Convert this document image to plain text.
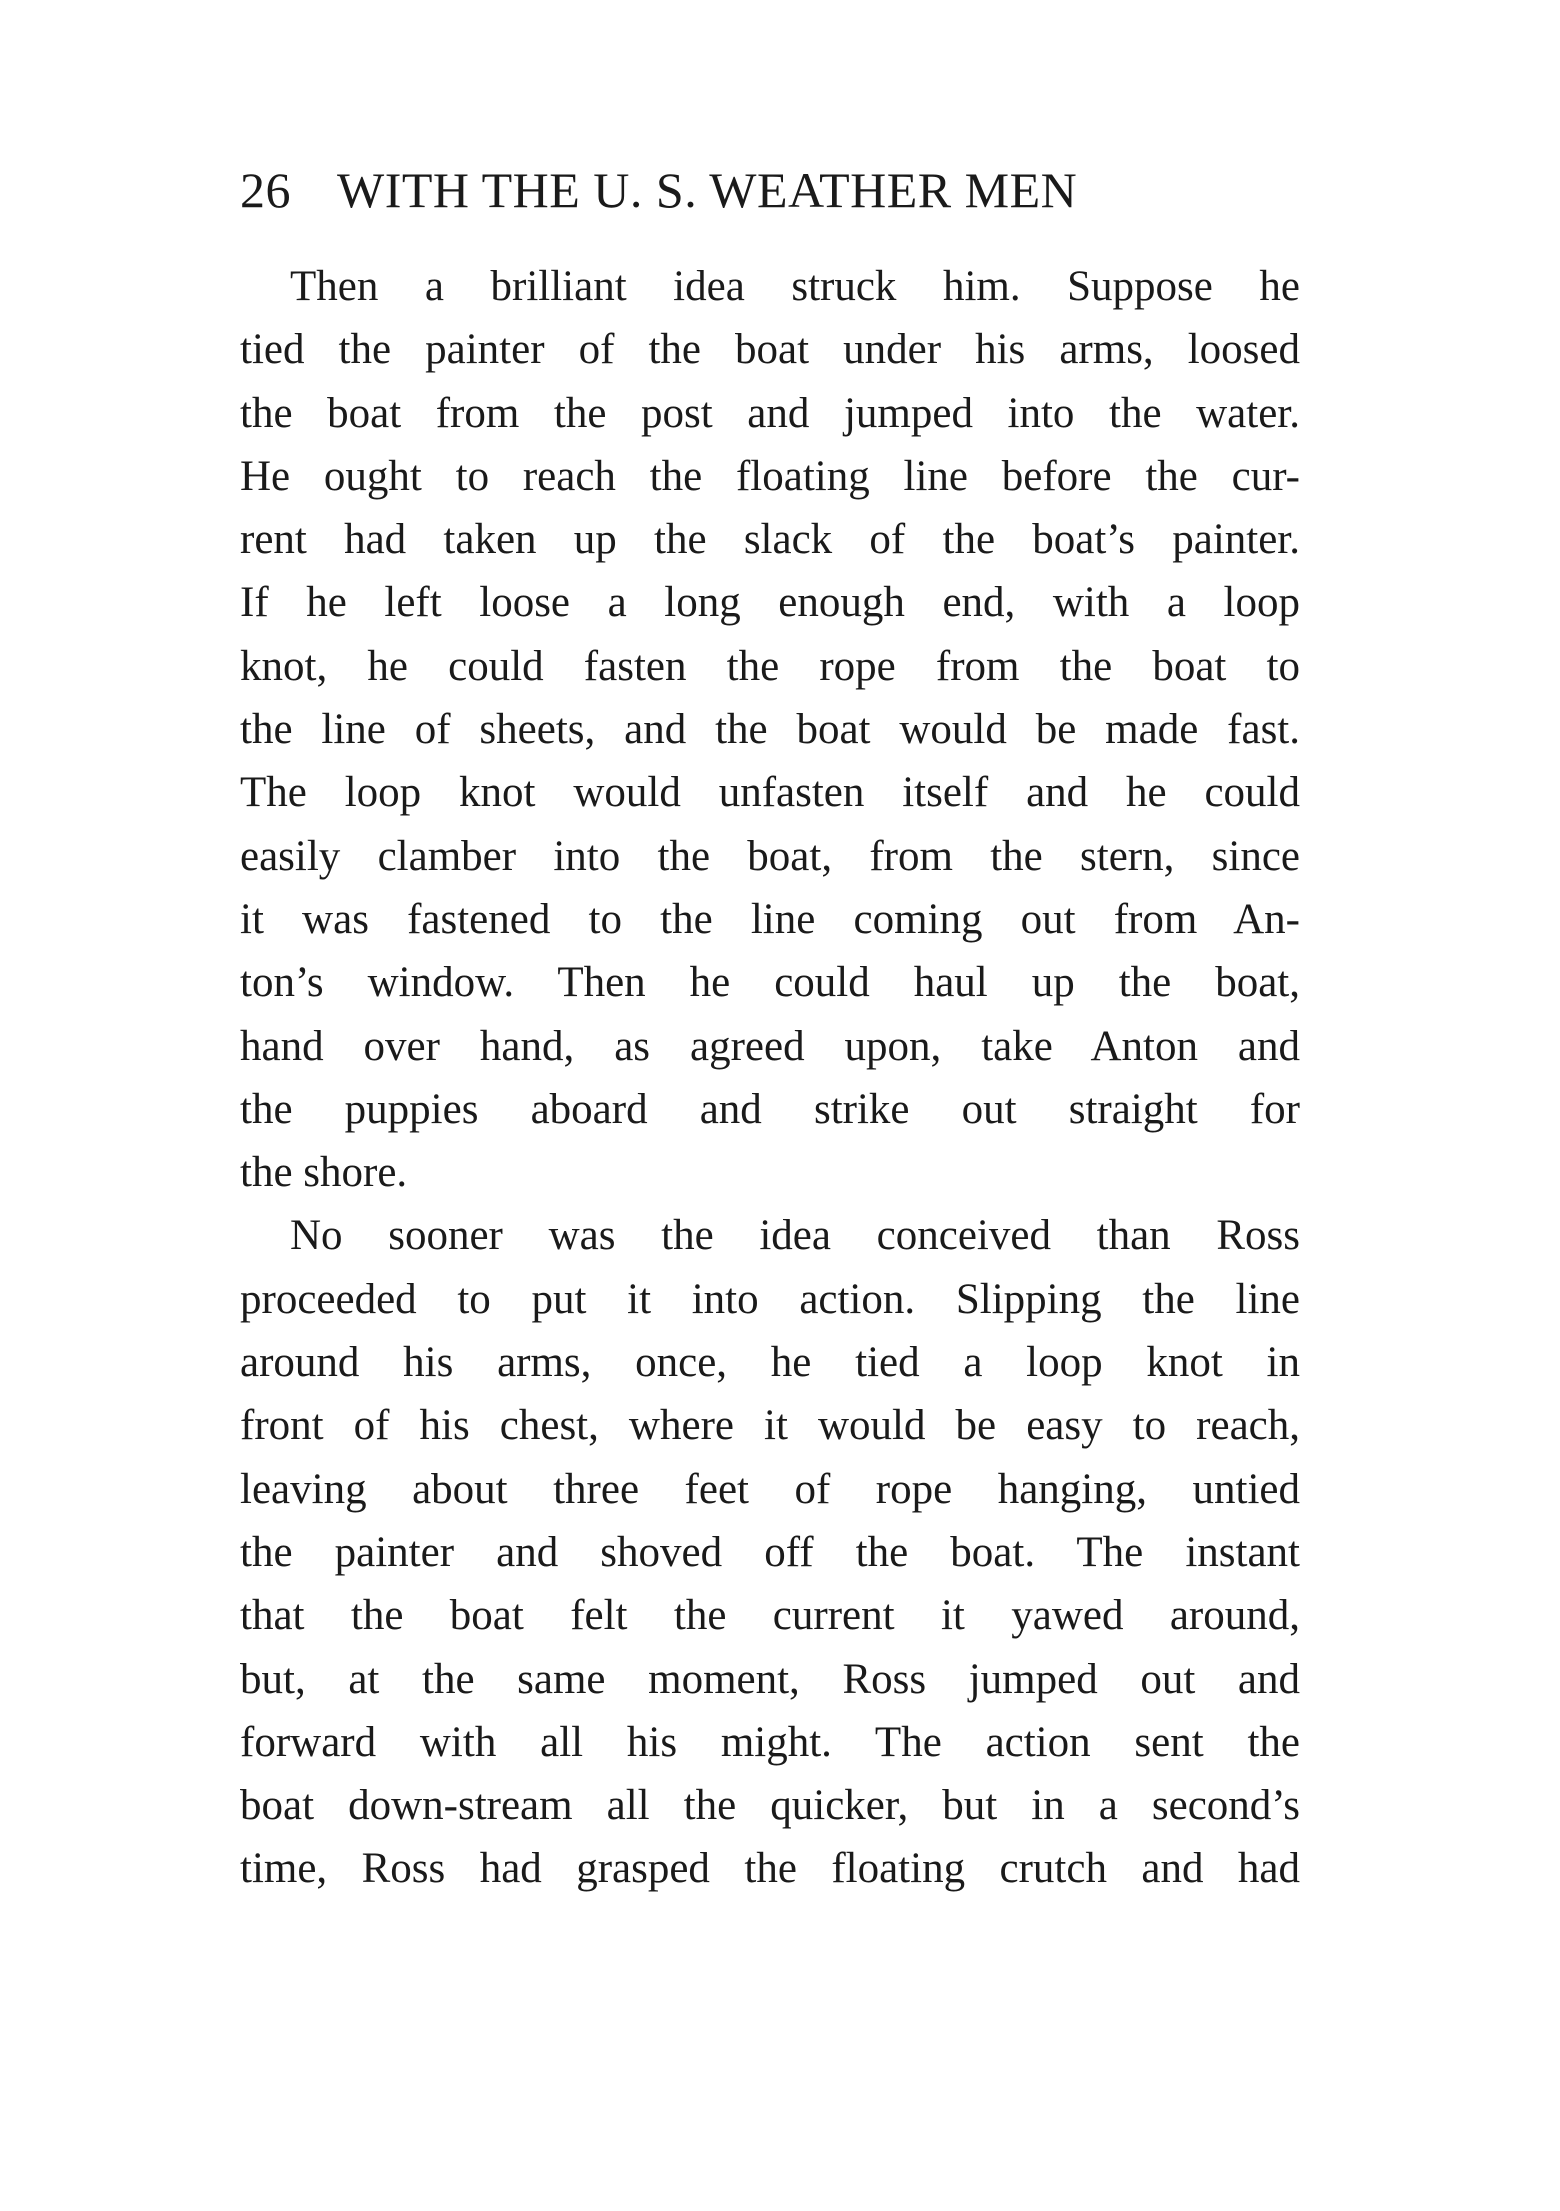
26 WITH THE U. S. WEATHER MEN
Then a brilliant idea struck him. Suppose he
tied the painter of the boat under his arms, loosed
the boat from the post and jumped into the water.
He ought to reach the floating line before the cur-
rent had taken up the slack of the boat’s painter.
If he left loose a long enough end, with a loop
knot, he could fasten the rope from the boat to
the line of sheets, and the boat would be made fast.
The loop knot would unfasten itself and he could
easily clamber into the boat, from the stern, since
it was fastened to the line coming out from An-
ton’s window. Then he could haul up the boat,
hand over hand, as agreed upon, take Anton and
the puppies aboard and strike out straight for
the shore.
No sooner was the idea conceived than Ross
proceeded to put it into action. Slipping the line
around his arms, once, he tied a loop knot in
front of his chest, where it would be easy to reach,
leaving about three feet of rope hanging, untied
the painter and shoved off the boat. The instant
that the boat felt the current it yawed around,
but, at the same moment, Ross jumped out and
forward with all his might. The action sent the
boat down-stream all the quicker, but in a second’s
time, Ross had grasped the floating crutch and had
